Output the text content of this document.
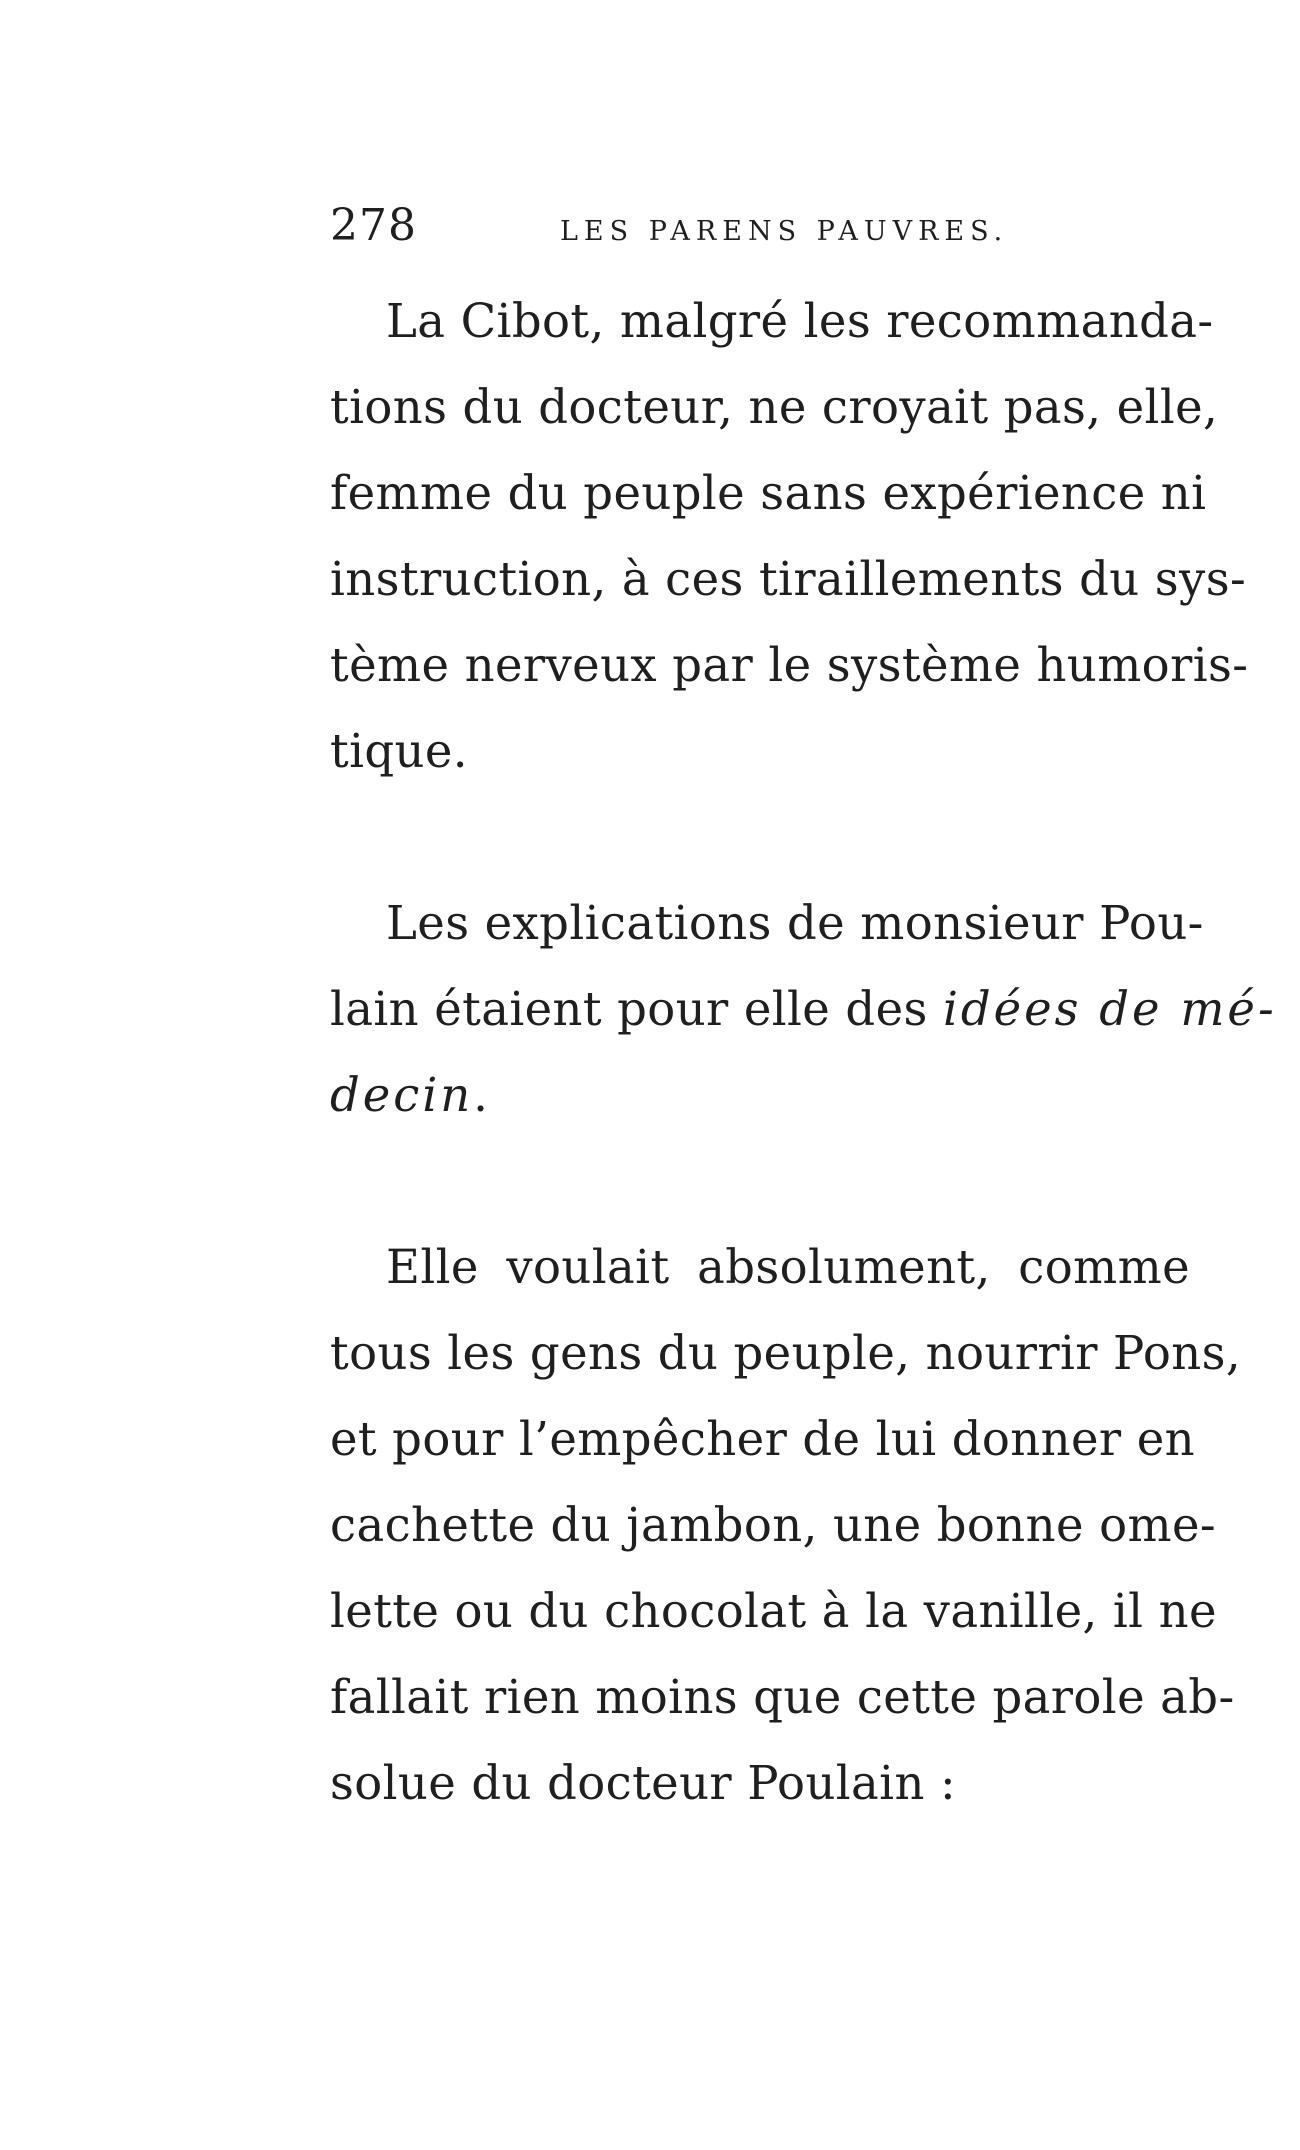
278	LES PARENS PAUVRES.
La Cibot, malgré les recommanda-
tions du docteur, ne croyait pas, elle,
femme du peuple sans expérience ni
instruction, à ces tiraillements du sys-
tème nerveux par le système humoris-
tique.
Les explications de monsieur Pou-
lain étaient pour elle des idées de mé-
decin.
Elle voulait absolument, comme
tous les gens du peuple, nourrir Pons,
et pour l’empêcher de lui donner en
cachette du jambon, une bonne ome-
lette ou du chocolat à la vanille, il ne
fallait rien moins que cette parole ab-
solue du docteur Poulain :
